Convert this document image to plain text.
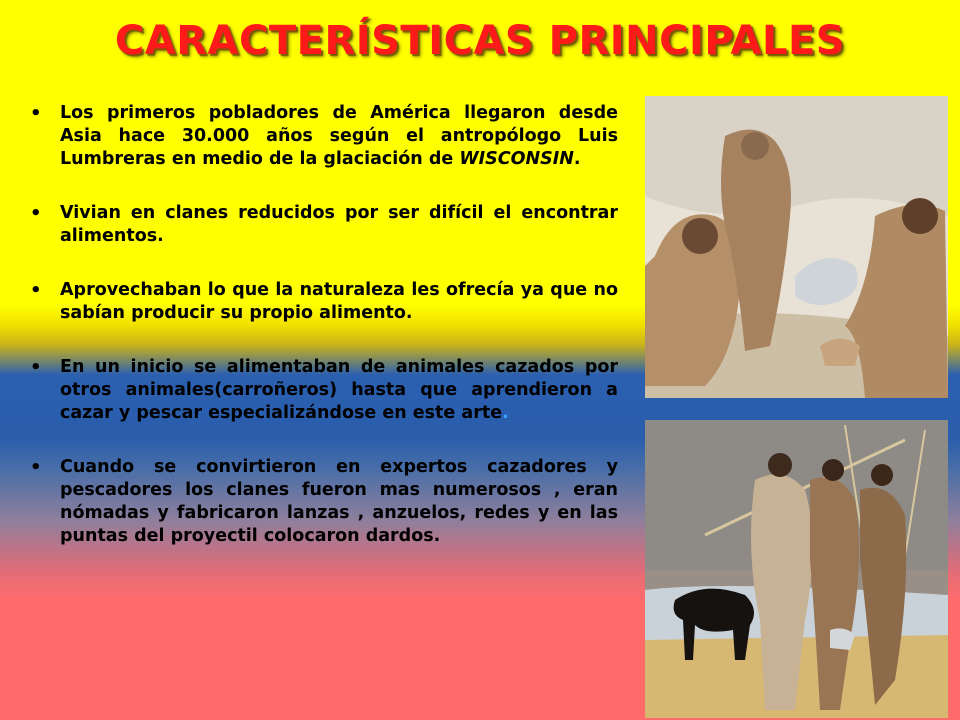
CARACTERÍSTICAS PRINCIPALES
• Los primeros pobladores de América llegaron desde Asia hace 30.000 años según el antropólogo Luis Lumbreras en medio de la glaciación de WISCONSIN.
• Vivian en clanes reducidos por ser difícil el encontrar alimentos.
• Aprovechaban lo que la naturaleza les ofrecía ya que no sabían producir su propio alimento.
• En un inicio se alimentaban de animales cazados por otros animales(carroñeros) hasta que aprendieron a cazar y pescar especializándose en este arte.
• Cuando se convirtieron en expertos cazadores y pescadores los clanes fueron mas numerosos , eran nómadas y fabricaron lanzas , anzuelos, redes y en las puntas del proyectil colocaron dardos.
